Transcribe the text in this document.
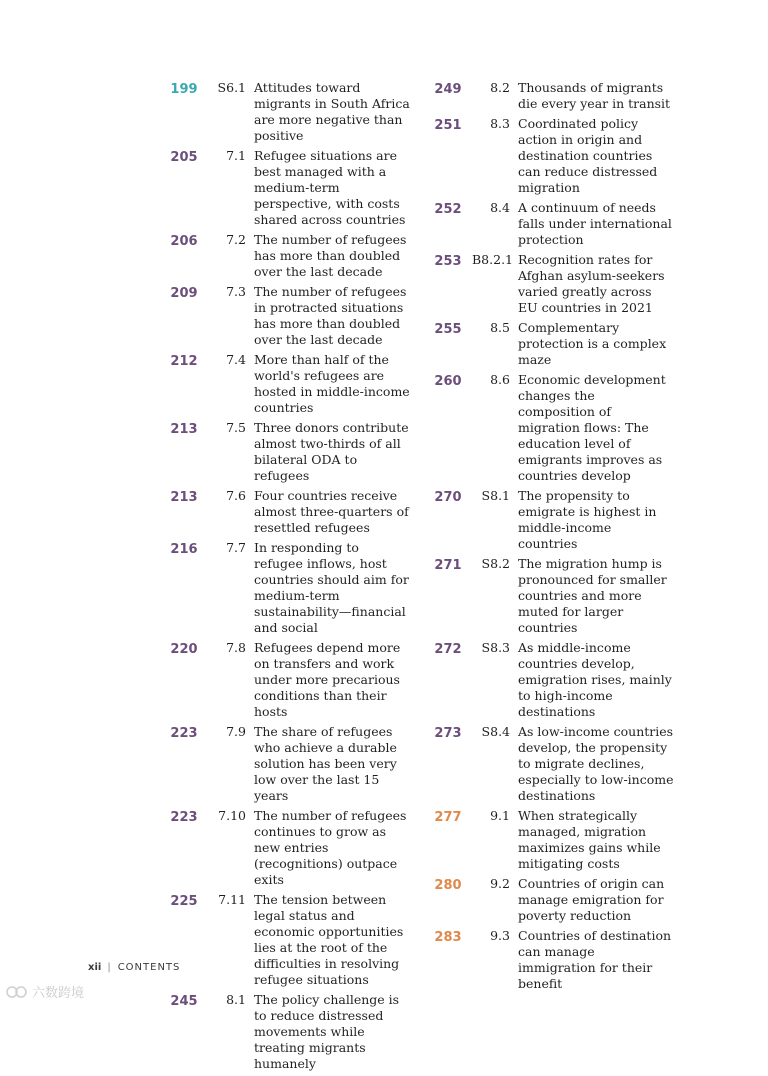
199	S6.1 Attitudes toward migrants in South Africa are more negative than positive
205	7.1 Refugee situations are best managed with a medium-term perspective, with costs shared across countries
206	7.2 The number of refugees has more than doubled over the last decade
209	7.3 The number of refugees in protracted situations has more than doubled over the last decade
212	7.4 More than half of the world's refugees are hosted in middle-income countries
213	7.5 Three donors contribute almost two-thirds of all bilateral ODA to refugees
213	7.6 Four countries receive almost three-quarters of resettled refugees
216	7.7 In responding to refugee inflows, host countries should aim for medium-term sustainability—financial and social
220	7.8 Refugees depend more on transfers and work under more precarious conditions than their hosts
223	7.9 The share of refugees who achieve a durable solution has been very low over the last 15 years
223	7.10 The number of refugees continues to grow as new entries (recognitions) outpace exits
225	7.11 The tension between legal status and economic opportunities lies at the root of the difficulties in resolving refugee situations
245	8.1 The policy challenge is to reduce distressed movements while treating migrants humanely
249	8.2 Thousands of migrants die every year in transit
251	8.3 Coordinated policy action in origin and destination countries can reduce distressed migration
252	8.4 A continuum of needs falls under international protection
253 B8.2.1 Recognition rates for Afghan asylum-seekers varied greatly across EU countries in 2021
255	8.5 Complementary protection is a complex maze
260	8.6 Economic development changes the composition of migration flows: The education level of emigrants improves as countries develop
270	S8.1 The propensity to emigrate is highest in middle-income countries
271	S8.2 The migration hump is pronounced for smaller countries and more muted for larger countries
272	S8.3 As middle-income countries develop, emigration rises, mainly to high-income destinations
273	S8.4 As low-income countries develop, the propensity to migrate declines, especially to low-income destinations
277	9.1 When strategically managed, migration maximizes gains while mitigating costs
280	9.2 Countries of origin can manage emigration for poverty reduction
283	9.3 Countries of destination can manage immigration for their benefit
xii | CONTENTS
六数跨境
